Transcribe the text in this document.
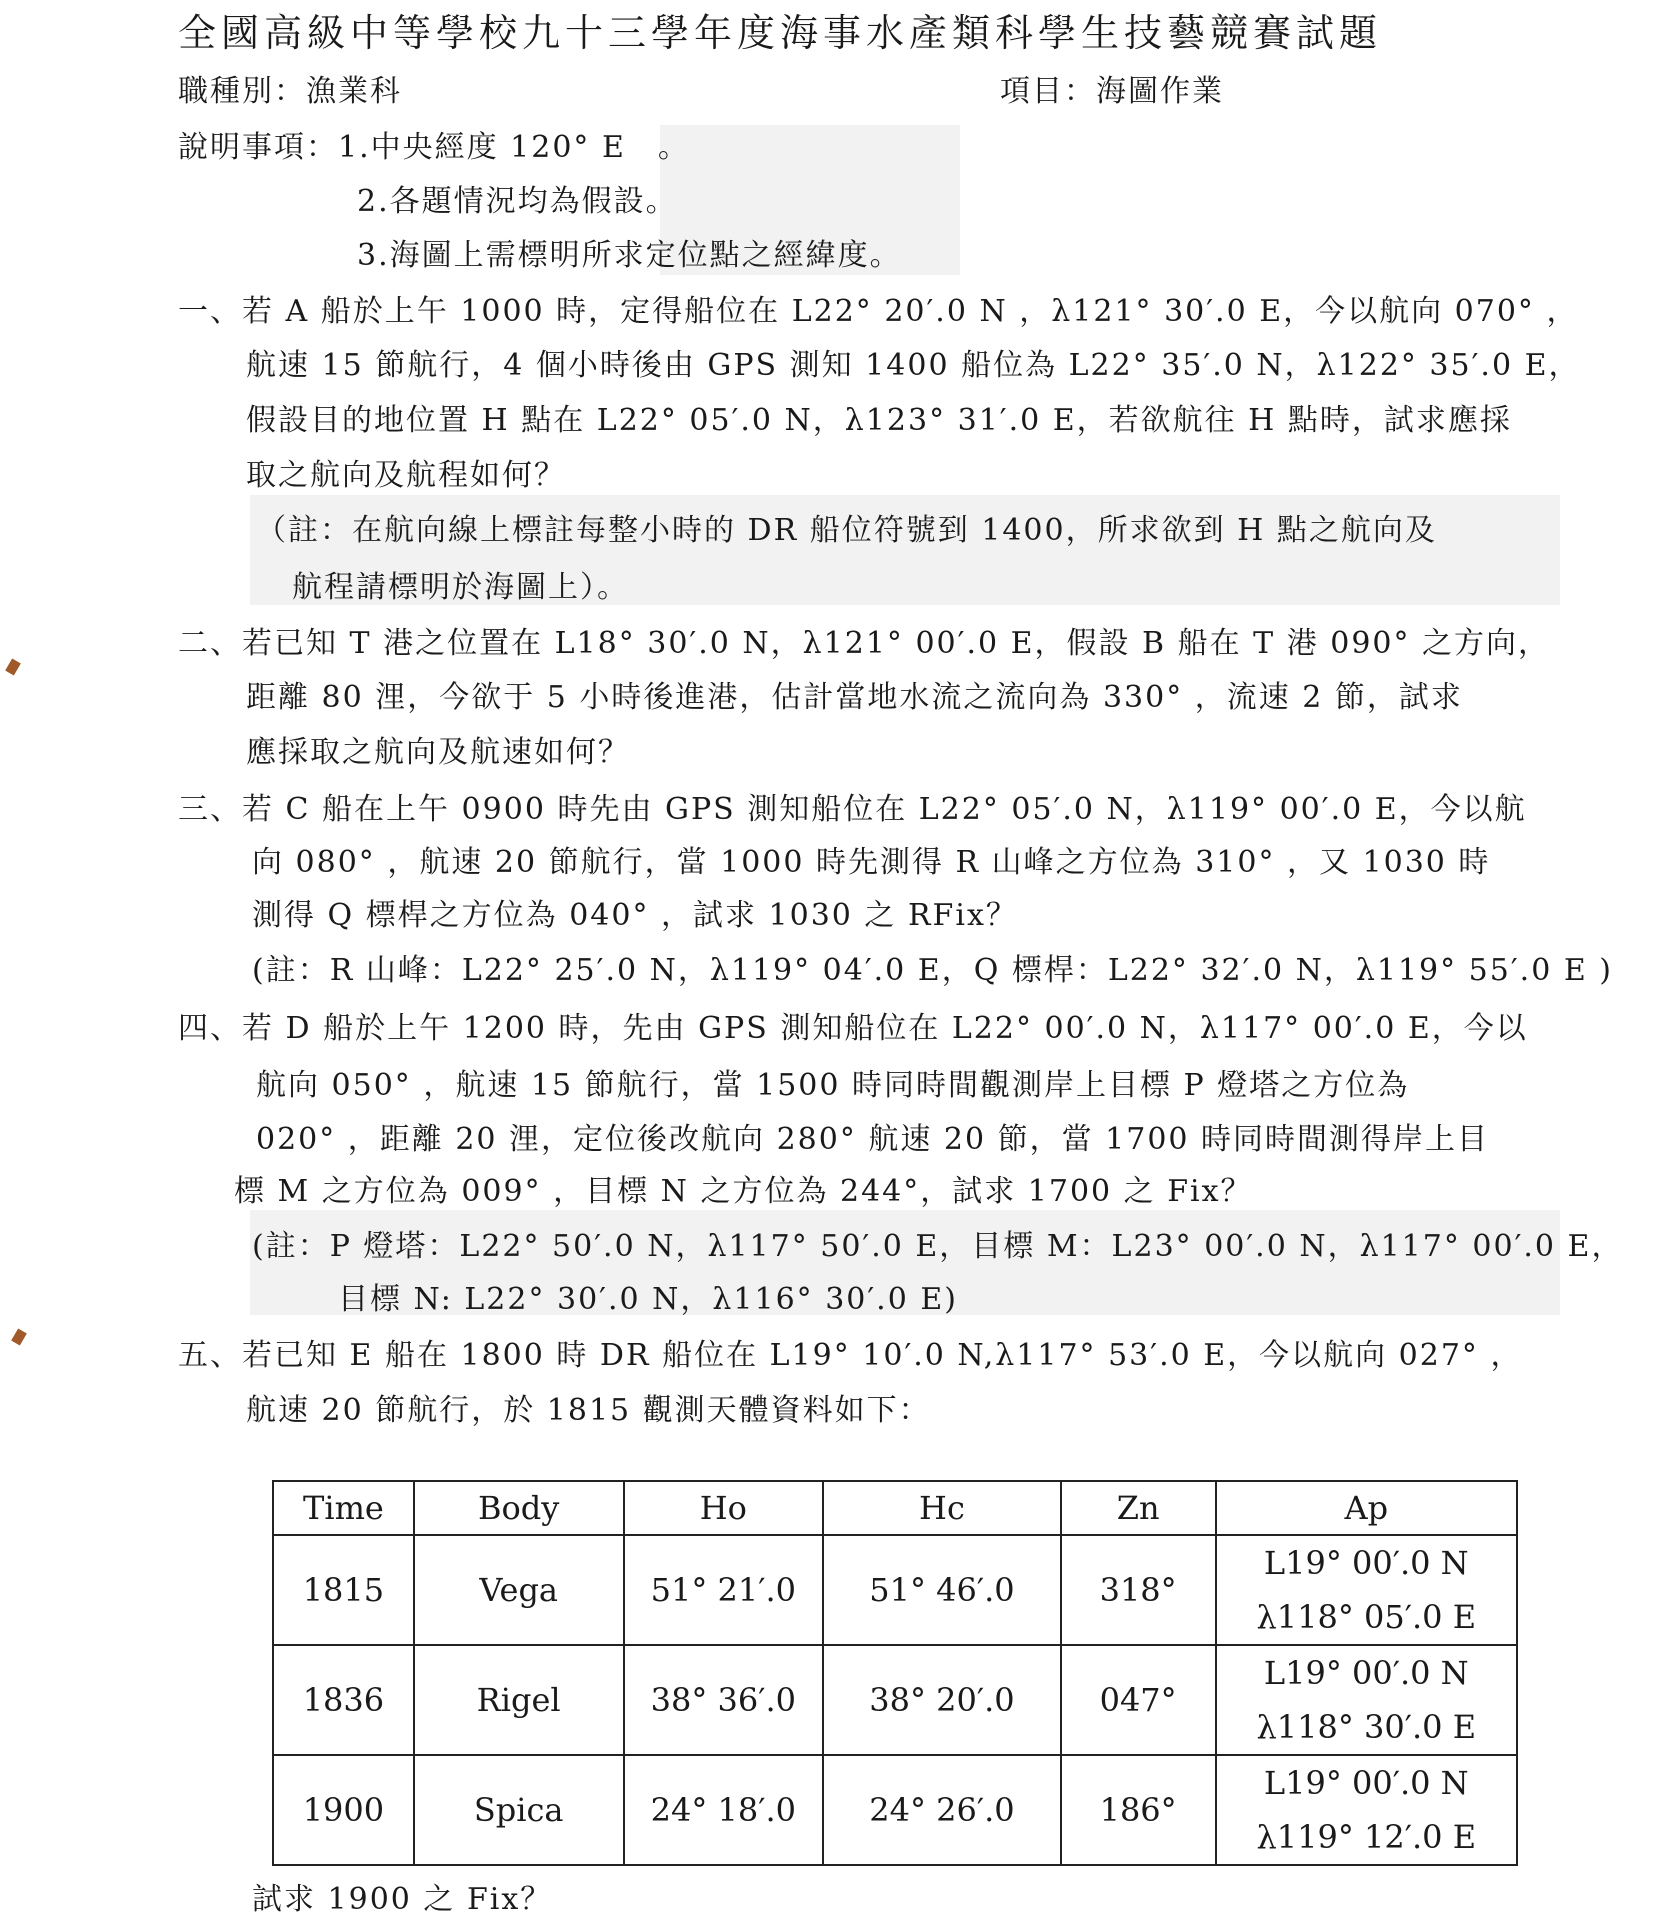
全國高級中等學校九十三學年度海事水產類科學生技藝競賽試題
職種別：漁業科	項目：海圖作業
說明事項：1.中央經度 120° E　。
2.各題情況均為假設。
3.海圖上需標明所求定位點之經緯度。
一、若 A 船於上午 1000 時，定得船位在 L22° 20′.0 N ，λ121° 30′.0 E，今以航向 070° ，
航速 15 節航行，4 個小時後由 GPS 測知 1400 船位為 L22° 35′.0 N，λ122° 35′.0 E，
假設目的地位置 H 點在 L22° 05′.0 N，λ123° 31′.0 E，若欲航往 H 點時，試求應採
取之航向及航程如何？
（註：在航向線上標註每整小時的 DR 船位符號到 1400，所求欲到 H 點之航向及
航程請標明於海圖上）。
二、若已知 T 港之位置在 L18° 30′.0 N，λ121° 00′.0 E，假設 B 船在 T 港 090° 之方向，
距離 80 浬，今欲于 5 小時後進港，估計當地水流之流向為 330° ，流速 2 節，試求
應採取之航向及航速如何？
三、若 C 船在上午 0900 時先由 GPS 測知船位在 L22° 05′.0 N，λ119° 00′.0 E，今以航
向 080° ，航速 20 節航行，當 1000 時先測得 R 山峰之方位為 310° ，又 1030 時
測得 Q 標桿之方位為 040° ，試求 1030 之 RFix？
(註：R 山峰：L22° 25′.0 N，λ119° 04′.0 E，Q 標桿：L22° 32′.0 N，λ119° 55′.0 E )
四、若 D 船於上午 1200 時，先由 GPS 測知船位在 L22° 00′.0 N，λ117° 00′.0 E，今以
航向 050° ，航速 15 節航行，當 1500 時同時間觀測岸上目標 P 燈塔之方位為
020° ，距離 20 浬，定位後改航向 280° 航速 20 節，當 1700 時同時間測得岸上目
標 M 之方位為 009° ，目標 N 之方位為 244°，試求 1700 之 Fix？
(註：P 燈塔：L22° 50′.0 N，λ117° 50′.0 E，目標 M：L23° 00′.0 N，λ117° 00′.0 E，
目標 N: L22° 30′.0 N，λ116° 30′.0 E)
五、若已知 E 船在 1800 時 DR 船位在 L19° 10′.0 N,λ117° 53′.0 E，今以航向 027° ，
航速 20 節航行，於 1815 觀測天體資料如下：
Time	Body	Ho	Hc	Zn	Ap
1815	Vega	51° 21′.0	51° 46′.0	318°	L19° 00′.0 N
λ118° 05′.0 E

1836	Rigel	38° 36′.0	38° 20′.0	047°	L19° 00′.0 N
λ118° 30′.0 E

1900	Spica	24° 18′.0	24° 26′.0	186°	L19° 00′.0 N
λ119° 12′.0 E
試求 1900 之 Fix？
